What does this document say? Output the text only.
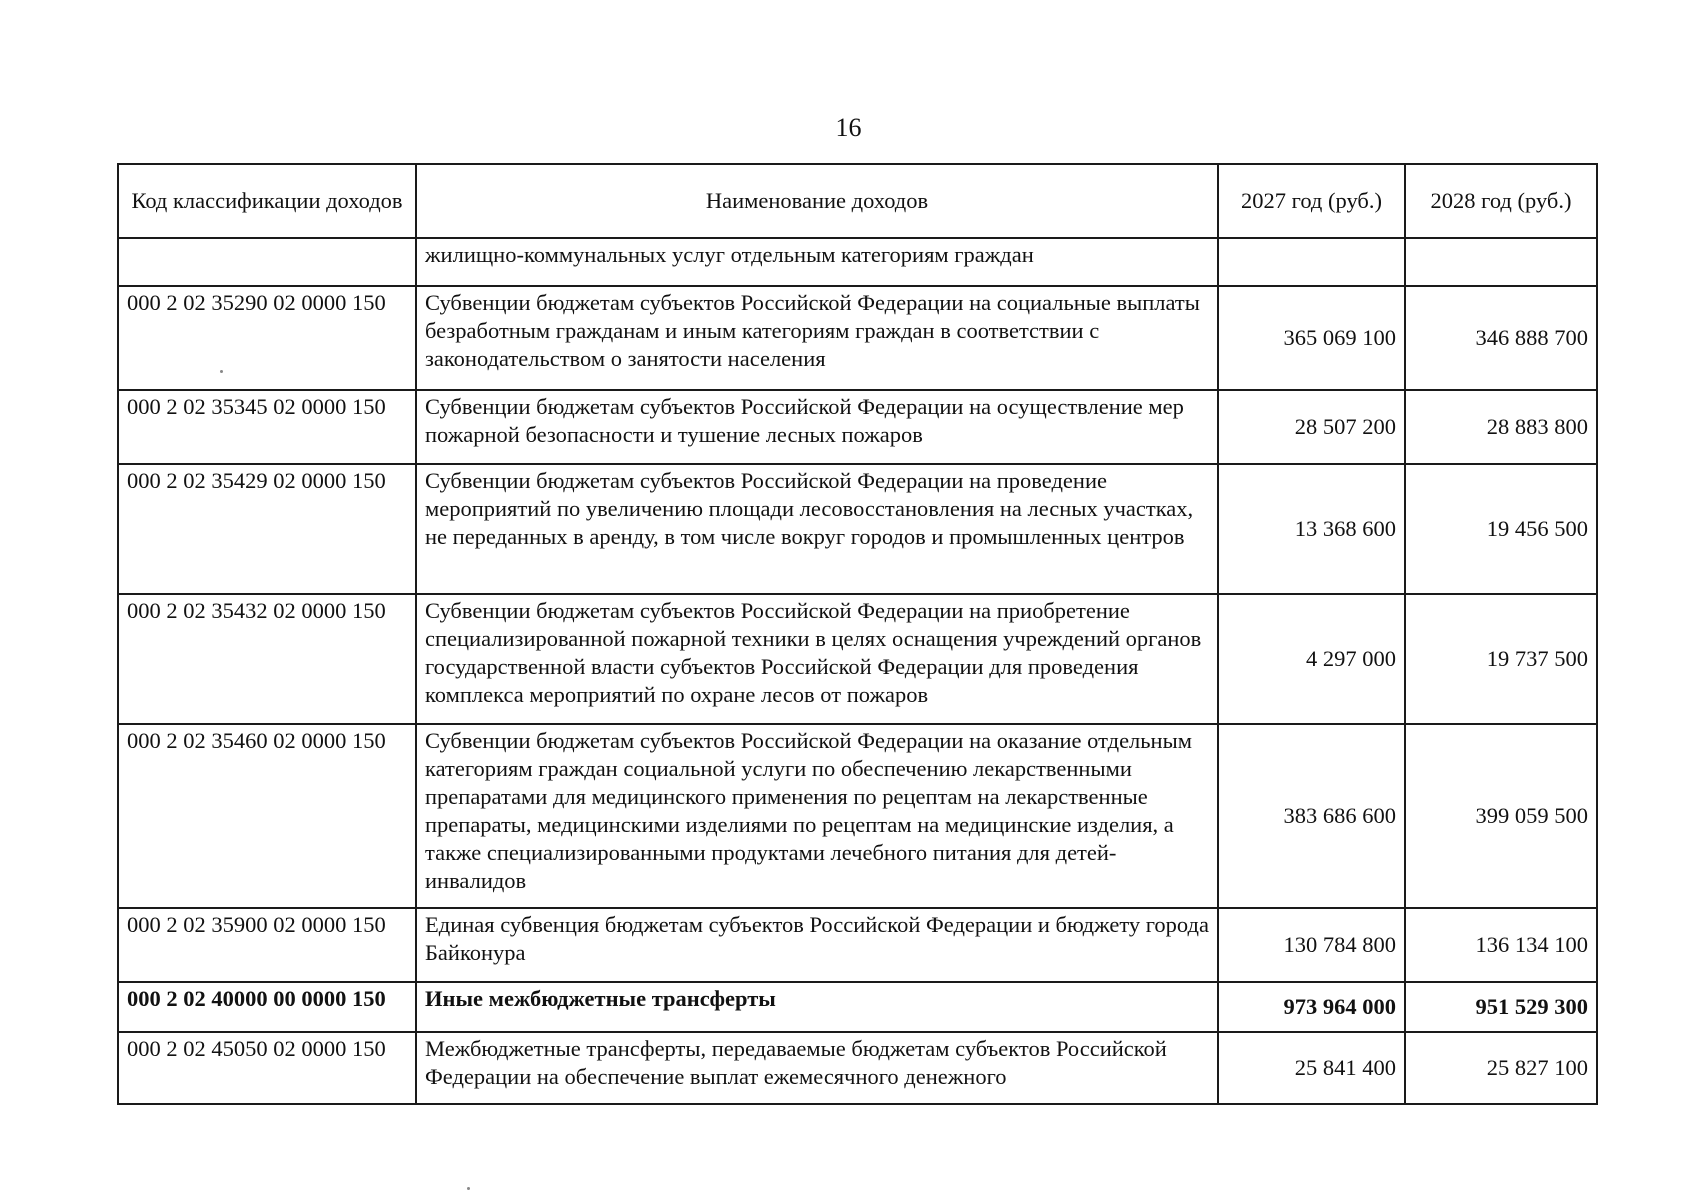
16
Код классификации доходов	Наименование доходов	2027 год (руб.)	2028 год (руб.)
	жилищно-коммунальных услуг отдельным категориям граждан		
000 2 02 35290 02 0000 150	Субвенции бюджетам субъектов Российской Федерации на социальные выплаты безработным гражданам и иным категориям граждан в соответствии с законодательством о занятости населения	365 069 100	346 888 700
000 2 02 35345 02 0000 150	Субвенции бюджетам субъектов Российской Федерации на осуществление мер пожарной безопасности и тушение лесных пожаров	28 507 200	28 883 800
000 2 02 35429 02 0000 150	Субвенции бюджетам субъектов Российской Федерации на проведение мероприятий по увеличению площади лесовосстановления на лесных участках, не переданных в аренду, в том числе вокруг городов и промышленных центров	13 368 600	19 456 500
000 2 02 35432 02 0000 150	Субвенции бюджетам субъектов Российской Федерации на приобретение специализированной пожарной техники в целях оснащения учреждений органов государственной власти субъектов Российской Федерации для проведения комплекса мероприятий по охране лесов от пожаров	4 297 000	19 737 500
000 2 02 35460 02 0000 150	Субвенции бюджетам субъектов Российской Федерации на оказание отдельным категориям граждан социальной услуги по обеспечению лекарственными препаратами для медицинского применения по рецептам на лекарственные препараты, медицинскими изделиями по рецептам на медицинские изделия, а также специализированными продуктами лечебного питания для детей-инвалидов	383 686 600	399 059 500
000 2 02 35900 02 0000 150	Единая субвенция бюджетам субъектов Российской Федерации и бюджету города Байконура	130 784 800	136 134 100
000 2 02 40000 00 0000 150	Иные межбюджетные трансферты	973 964 000	951 529 300
000 2 02 45050 02 0000 150	Межбюджетные трансферты, передаваемые бюджетам субъектов Российской Федерации на обеспечение выплат ежемесячного денежного	25 841 400	25 827 100
